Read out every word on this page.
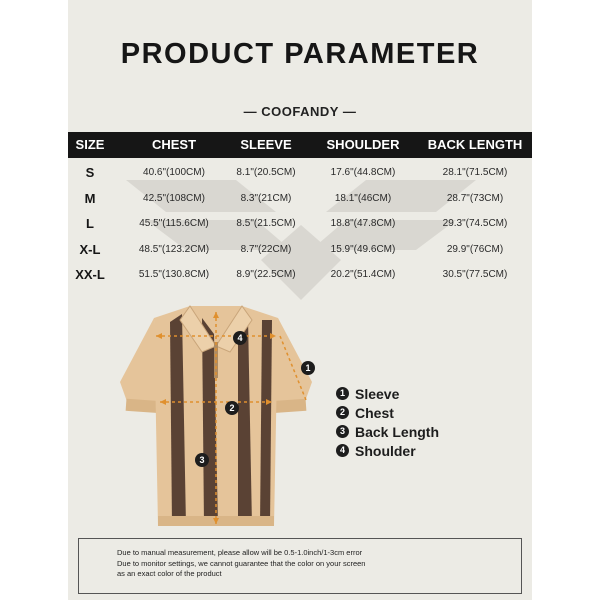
PRODUCT PARAMETER
— COOFANDY —
SIZE	CHEST	SLEEVE	SHOULDER	BACK LENGTH
S	40.6"(100CM)	8.1"(20.5CM)	17.6"(44.8CM)	28.1"(71.5CM)
M	42.5"(108CM)	8.3"(21CM)	18.1"(46CM)	28.7"(73CM)
L	45.5"(115.6CM)	8.5"(21.5CM)	18.8"(47.8CM)	29.3"(74.5CM)
X-L	48.5"(123.2CM)	8.7"(22CM)	15.9"(49.6CM)	29.9"(76CM)
XX-L	51.5"(130.8CM)	8.9"(22.5CM)	20.2"(51.4CM)	30.5"(77.5CM)
1
2
3
4
1 Sleeve
2 Chest
3 Back Length
4 Shoulder
Due to manual measurement, please allow will be 0.5-1.0inch/1-3cm error
Due to monitor settings, we cannot guarantee that the color on your screen
as an exact color of the product
